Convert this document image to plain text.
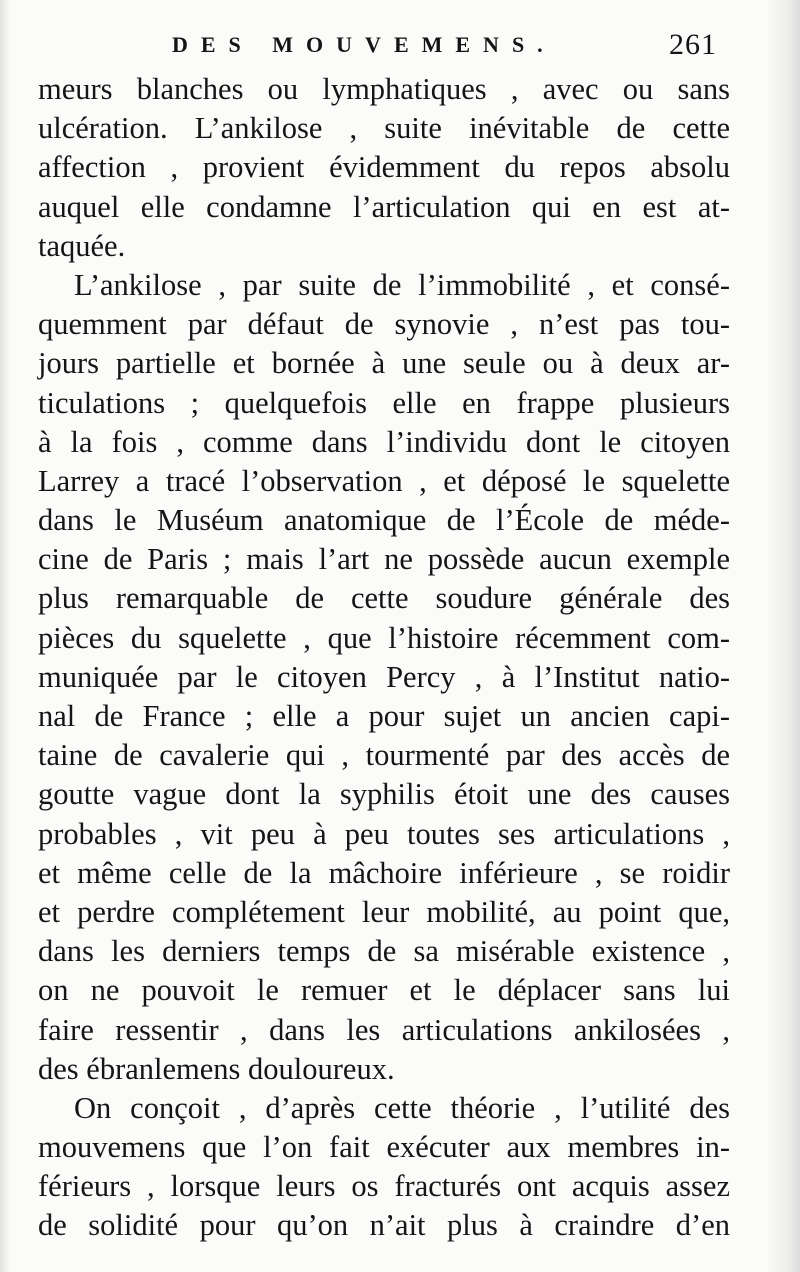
DES MOUVEMENS.	261
meurs blanches ou lymphatiques , avec ou sans
ulcération. L’ankilose , suite inévitable de cette
affection , provient évidemment du repos absolu
auquel elle condamne l’articulation qui en est at-
taquée.
L’ankilose , par suite de l’immobilité , et consé-
quemment par défaut de synovie , n’est pas tou-
jours partielle et bornée à une seule ou à deux ar-
ticulations ; quelquefois elle en frappe plusieurs
à la fois , comme dans l’individu dont le citoyen
Larrey a tracé l’observation , et déposé le squelette
dans le Muséum anatomique de l’École de méde-
cine de Paris ; mais l’art ne possède aucun exemple
plus remarquable de cette soudure générale des
pièces du squelette , que l’histoire récemment com-
muniquée par le citoyen Percy , à l’Institut natio-
nal de France ; elle a pour sujet un ancien capi-
taine de cavalerie qui , tourmenté par des accès de
goutte vague dont la syphilis étoit une des causes
probables , vit peu à peu toutes ses articulations ,
et même celle de la mâchoire inférieure , se roidir
et perdre complétement leur mobilité, au point que,
dans les derniers temps de sa misérable existence ,
on ne pouvoit le remuer et le déplacer sans lui
faire ressentir , dans les articulations ankilosées ,
des ébranlemens douloureux.
On conçoit , d’après cette théorie , l’utilité des
mouvemens que l’on fait exécuter aux membres in-
férieurs , lorsque leurs os fracturés ont acquis assez
de solidité pour qu’on n’ait plus à craindre d’en
